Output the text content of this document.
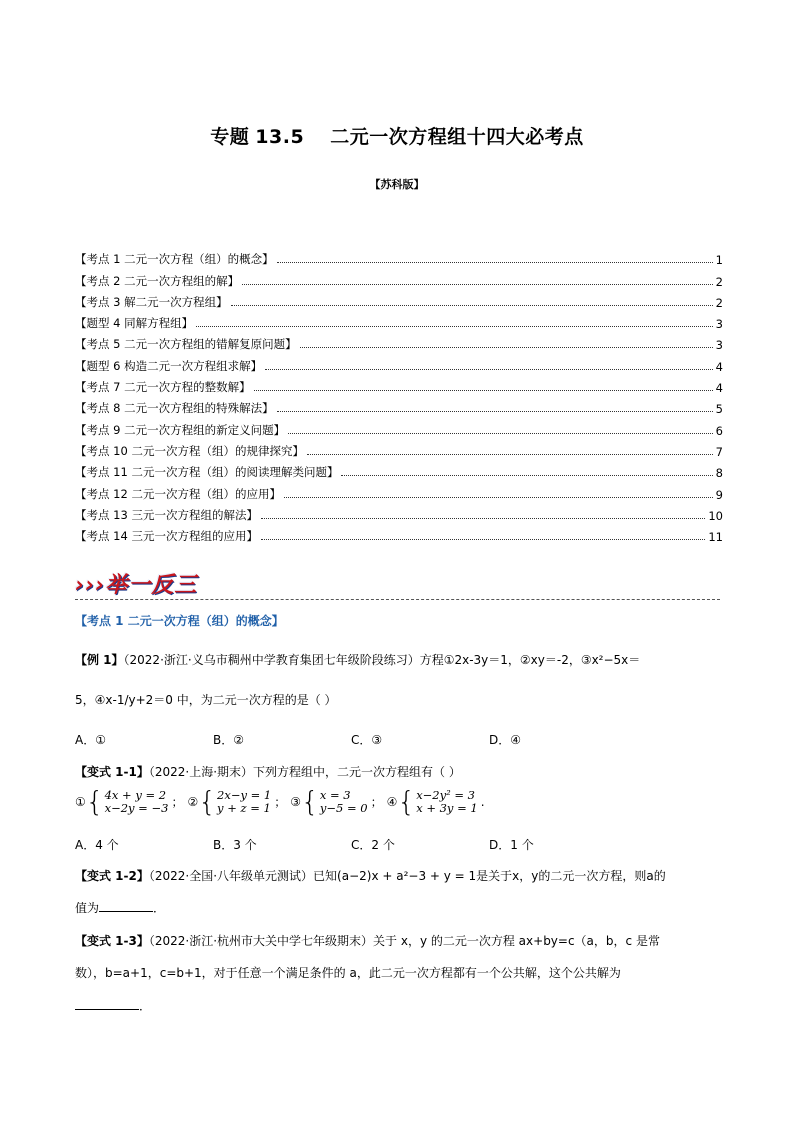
专题 13.5 二元一次方程组十四大必考点
【苏科版】
【考点 1 二元一次方程（组）的概念】	1
【考点 2 二元一次方程组的解】	2
【考点 3 解二元一次方程组】	2
【题型 4 同解方程组】	3
【考点 5 二元一次方程组的错解复原问题】	3
【题型 6 构造二元一次方程组求解】	4
【考点 7 二元一次方程的整数解】	4
【考点 8 二元一次方程组的特殊解法】	5
【考点 9 二元一次方程组的新定义问题】	6
【考点 10 二元一次方程（组）的规律探究】	7
【考点 11 二元一次方程（组）的阅读理解类问题】	8
【考点 12 二元一次方程（组）的应用】	9
【考点 13 三元一次方程组的解法】	10
【考点 14 三元一次方程组的应用】	11
›››举一反三
【考点 1 二元一次方程（组）的概念】
【例 1】（2022·浙江·义乌市稠州中学教育集团七年级阶段练习）方程①2x-3y＝1，②xy＝-2，③x²−5x＝
5，④x-1/y+2＝0 中，为二元一次方程的是（ ）
A．①	B．②	C．③	D．④
【变式 1-1】（2022·上海·期末）下列方程组中，二元一次方程组有（ ）
① { 4x + y = 2
x−2y = −3 ； ② { 2x−y = 1
y + z = 1 ； ③ { x = 3
y−5 = 0 ； ④ { x−2y² = 3
x + 3y = 1 .
A．4 个	B．3 个	C．2 个	D．1 个
【变式 1-2】（2022·全国·八年级单元测试）已知(a−2)x + a²−3 + y = 1是关于x，y的二元一次方程，则a的
值为	．
【变式 1-3】（2022·浙江·杭州市大关中学七年级期末）关于 x，y 的二元一次方程 ax+by=c（a，b，c 是常
数），b=a+1，c=b+1，对于任意一个满足条件的 a，此二元一次方程都有一个公共解，这个公共解为
．
